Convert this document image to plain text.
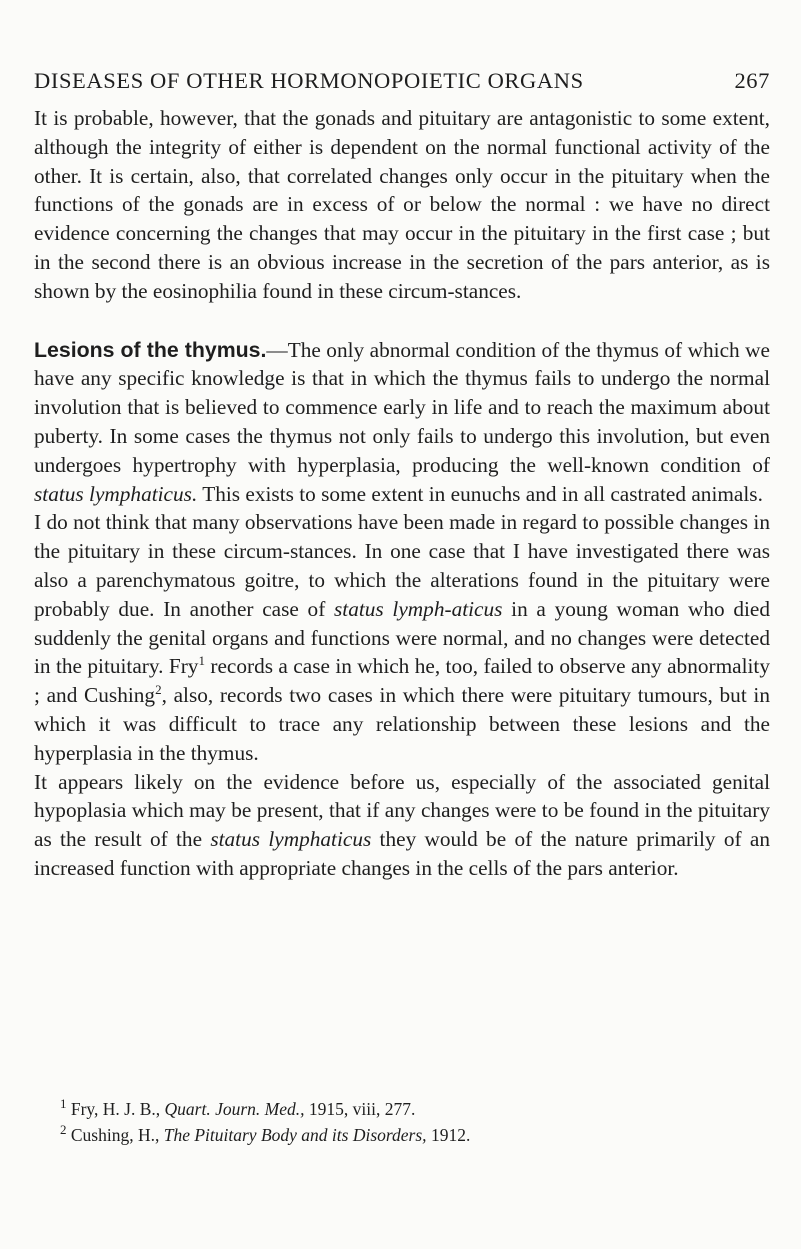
DISEASES OF OTHER HORMONOPOIETIC ORGANS	267

It is probable, however, that the gonads and pituitary are antagonistic to some extent, although the integrity of either is dependent on the normal functional activity of the other. It is certain, also, that correlated changes only occur in the pituitary when the functions of the gonads are in excess of or below the normal : we have no direct evidence concerning the changes that may occur in the pituitary in the first case ; but in the second there is an obvious increase in the secretion of the pars anterior, as is shown by the eosinophilia found in these circum-stances.

Lesions of the thymus.—The only abnormal condition of the thymus of which we have any specific knowledge is that in which the thymus fails to undergo the normal involution that is believed to commence early in life and to reach the maximum about puberty. In some cases the thymus not only fails to undergo this involution, but even undergoes hypertrophy with hyperplasia, producing the well-known condition of status lymphaticus. This exists to some extent in eunuchs and in all castrated animals.

I do not think that many observations have been made in regard to possible changes in the pituitary in these circum-stances. In one case that I have investigated there was also a parenchymatous goitre, to which the alterations found in the pituitary were probably due. In another case of status lymph-aticus in a young woman who died suddenly the genital organs and functions were normal, and no changes were detected in the pituitary. Fry$^1$ records a case in which he, too, failed to observe any abnormality ; and Cushing$^2$, also, records two cases in which there were pituitary tumours, but in which it was difficult to trace any relationship between these lesions and the hyperplasia in the thymus.

It appears likely on the evidence before us, especially of the associated genital hypoplasia which may be present, that if any changes were to be found in the pituitary as the result of the status lymphaticus they would be of the nature primarily of an increased function with appropriate changes in the cells of the pars anterior.

$^1$ Fry, H. J. B., Quart. Journ. Med., 1915, viii, 277.
$^2$ Cushing, H., The Pituitary Body and its Disorders, 1912.
